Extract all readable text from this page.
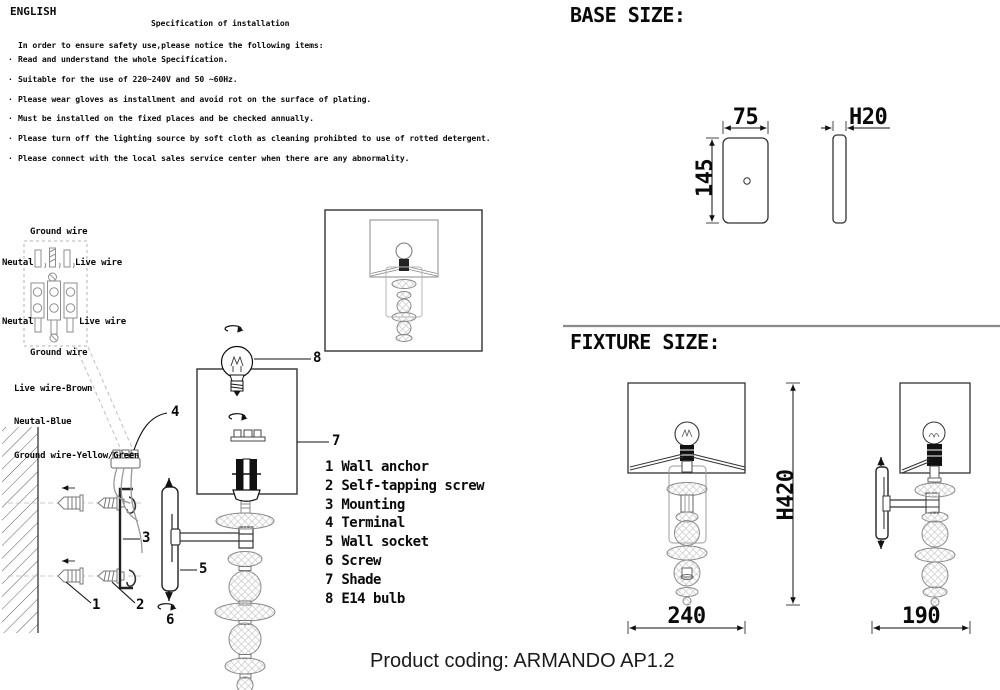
ENGLISH
Specification of installation
In order to ensure safety use,please notice the following items:
· Read and understand the whole Specification.
· Suitable for the use of 220~240V and 50 ~60Hz.
· Please wear gloves as installment and avoid rot on the surface of plating.
· Must be installed on the fixed places and be checked annually.
· Please turn off the lighting source by soft cloth as cleaning prohibted to use of rotted detergent.
· Please connect with the local sales service center when there are any abnormality.
Ground wire
Neutal	Live wire
Neutal	Live wire
Ground wire

Live wire-Brown

Neutal-Blue

Ground wire-Yellow/Green

1	2
3
4
5
6
7
8
1 Wall anchor
2 Self-tapping screw
3 Mounting
4 Terminal
5 Wall socket
6 Screw
7 Shade
8 E14 bulb
BASE SIZE:
FIXTURE SIZE:
75
145
H20
H420
240	190
Product coding: ARMANDO AP1.2
